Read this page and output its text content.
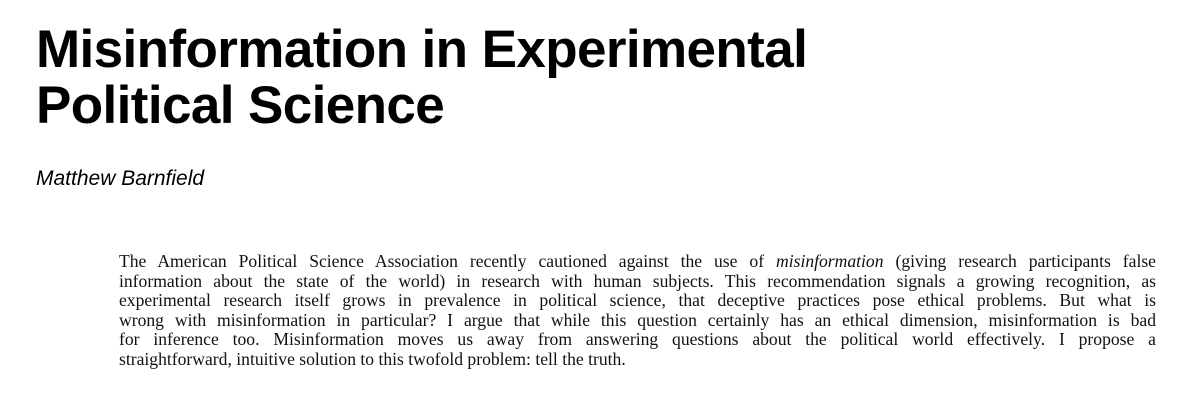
Misinformation in Experimental
Political Science

Matthew Barnfield

The American Political Science Association recently cautioned against the use of misinformation (giving research participants false
information about the state of the world) in research with human subjects. This recommendation signals a growing recognition, as
experimental research itself grows in prevalence in political science, that deceptive practices pose ethical problems. But what is
wrong with misinformation in particular? I argue that while this question certainly has an ethical dimension, misinformation is bad
for inference too. Misinformation moves us away from answering questions about the political world effectively. I propose a
straightforward, intuitive solution to this twofold problem: tell the truth.
